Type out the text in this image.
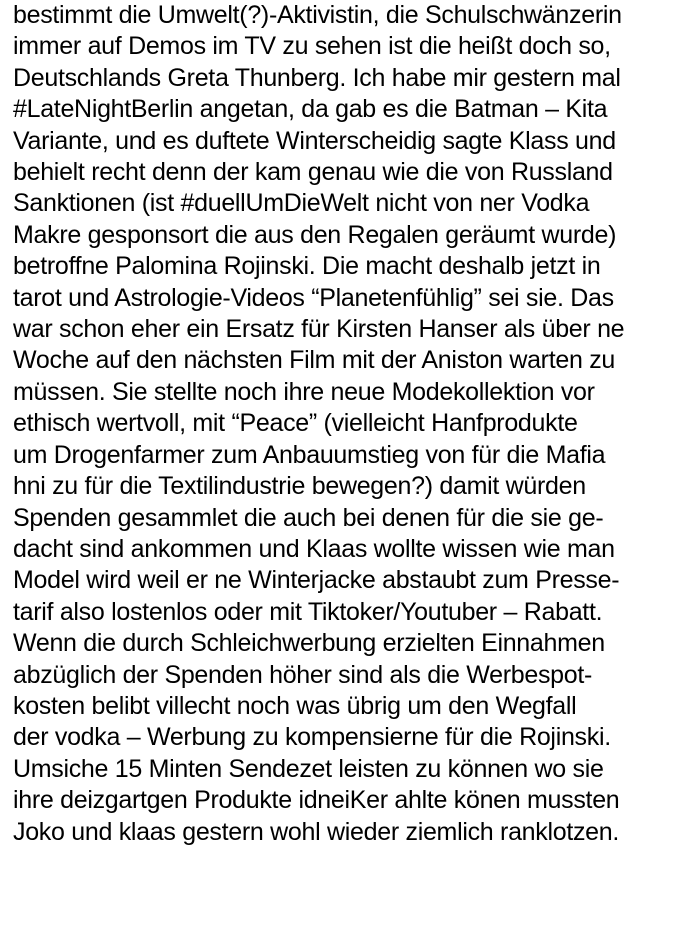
bestimmt die Umwelt(?)-Aktivistin, die Schulschwänzerin
immer auf Demos im TV zu sehen ist die heißt doch so,
Deutschlands Greta Thunberg. Ich habe mir gestern mal
#LateNightBerlin angetan, da gab es die Batman – Kita
Variante, und es duftete Winterscheidig sagte Klass und
behielt recht denn der kam genau wie die von Russland
Sanktionen (ist #duellUmDieWelt nicht von ner Vodka
Makre gesponsort die aus den Regalen geräumt wurde)
betroffne Palomina Rojinski. Die macht deshalb jetzt in
tarot und Astrologie-Videos “Planetenfühlig” sei sie. Das
war schon eher ein Ersatz für Kirsten Hanser als über ne
Woche auf den nächsten Film mit der Aniston warten zu
müssen. Sie stellte noch ihre neue Modekollektion vor
ethisch wertvoll, mit “Peace” (vielleicht Hanfprodukte
um Drogenfarmer zum Anbauumstieg von für die Mafia
hni zu für die Textilindustrie bewegen?) damit würden
Spenden gesammlet die auch bei denen für die sie ge-
dacht sind ankommen und Klaas wollte wissen wie man
Model wird weil er ne Winterjacke abstaubt zum Presse-
tarif also lostenlos oder mit Tiktoker/Youtuber – Rabatt.
Wenn die durch Schleichwerbung erzielten Einnahmen
abzüglich der Spenden höher sind als die Werbespot-
kosten belibt villecht noch was übrig um den Wegfall
der vodka – Werbung zu kompensierne für die Rojinski.
Umsiche 15 Minten Sendezet leisten zu können wo sie
ihre deizgartgen Produkte idneiKer ahlte könen mussten
Joko und klaas gestern wohl wieder ziemlich ranklotzen.
